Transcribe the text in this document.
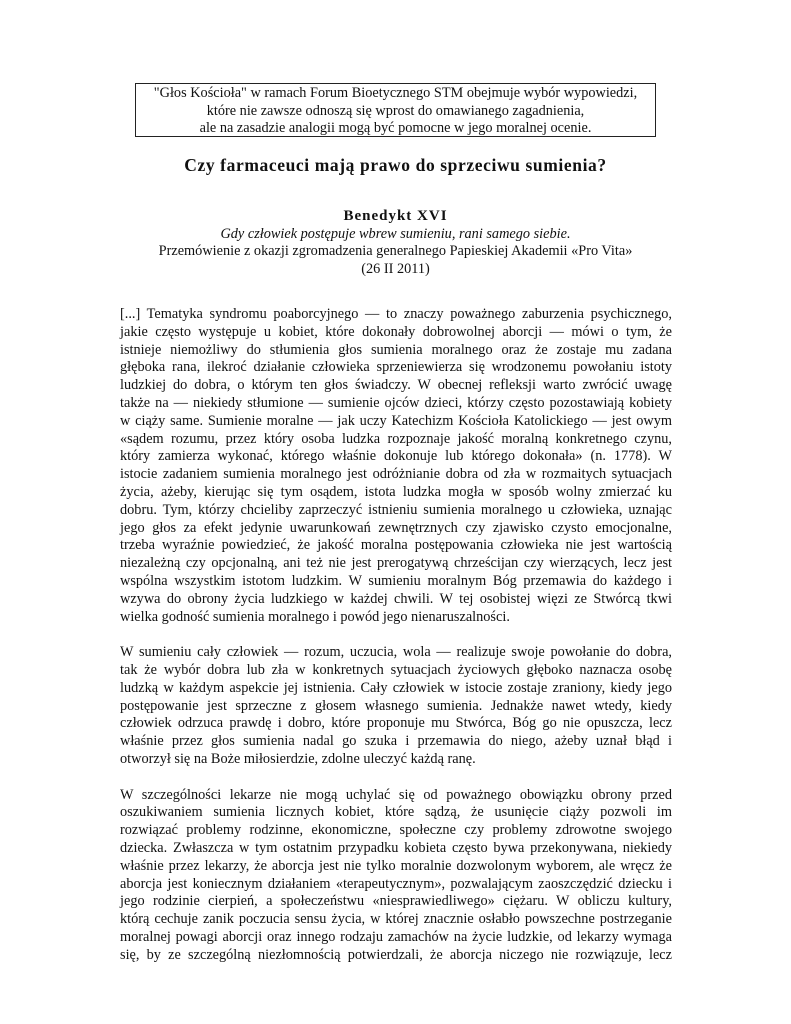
"Głos Kościoła" w ramach Forum Bioetycznego STM obejmuje wybór wypowiedzi,
które nie zawsze odnoszą się wprost do omawianego zagadnienia,
ale na zasadzie analogii mogą być pomocne w jego moralnej ocenie.
Czy farmaceuci mają prawo do sprzeciwu sumienia?
Benedykt XVI
Gdy człowiek postępuje wbrew sumieniu, rani samego siebie.
Przemówienie z okazji zgromadzenia generalnego Papieskiej Akademii «Pro Vita»
(26 II 2011)
[...] Tematyka syndromu poaborcyjnego — to znaczy poważnego zaburzenia psychicznego,
jakie często występuje u kobiet, które dokonały dobrowolnej aborcji — mówi o tym, że
istnieje niemożliwy do stłumienia głos sumienia moralnego oraz że zostaje mu zadana
głęboka rana, ilekroć działanie człowieka sprzeniewierza się wrodzonemu powołaniu istoty
ludzkiej do dobra, o którym ten głos świadczy. W obecnej refleksji warto zwrócić uwagę
także na — niekiedy stłumione — sumienie ojców dzieci, którzy często pozostawiają kobiety
w ciąży same. Sumienie moralne — jak uczy Katechizm Kościoła Katolickiego — jest owym
«sądem rozumu, przez który osoba ludzka rozpoznaje jakość moralną konkretnego czynu,
który zamierza wykonać, którego właśnie dokonuje lub którego dokonała» (n. 1778). W
istocie zadaniem sumienia moralnego jest odróżnianie dobra od zła w rozmaitych sytuacjach
życia, ażeby, kierując się tym osądem, istota ludzka mogła w sposób wolny zmierzać ku
dobru. Tym, którzy chcieliby zaprzeczyć istnieniu sumienia moralnego u człowieka, uznając
jego głos za efekt jedynie uwarunkowań zewnętrznych czy zjawisko czysto emocjonalne,
trzeba wyraźnie powiedzieć, że jakość moralna postępowania człowieka nie jest wartością
niezależną czy opcjonalną, ani też nie jest prerogatywą chrześcijan czy wierzących, lecz jest
wspólna wszystkim istotom ludzkim. W sumieniu moralnym Bóg przemawia do każdego i
wzywa do obrony życia ludzkiego w każdej chwili. W tej osobistej więzi ze Stwórcą tkwi
wielka godność sumienia moralnego i powód jego nienaruszalności.
W sumieniu cały człowiek — rozum, uczucia, wola — realizuje swoje powołanie do dobra,
tak że wybór dobra lub zła w konkretnych sytuacjach życiowych głęboko naznacza osobę
ludzką w każdym aspekcie jej istnienia. Cały człowiek w istocie zostaje zraniony, kiedy jego
postępowanie jest sprzeczne z głosem własnego sumienia. Jednakże nawet wtedy, kiedy
człowiek odrzuca prawdę i dobro, które proponuje mu Stwórca, Bóg go nie opuszcza, lecz
właśnie przez głos sumienia nadal go szuka i przemawia do niego, ażeby uznał błąd i
otworzył się na Boże miłosierdzie, zdolne uleczyć każdą ranę.
W szczególności lekarze nie mogą uchylać się od poważnego obowiązku obrony przed
oszukiwaniem sumienia licznych kobiet, które sądzą, że usunięcie ciąży pozwoli im
rozwiązać problemy rodzinne, ekonomiczne, społeczne czy problemy zdrowotne swojego
dziecka. Zwłaszcza w tym ostatnim przypadku kobieta często bywa przekonywana, niekiedy
właśnie przez lekarzy, że aborcja jest nie tylko moralnie dozwolonym wyborem, ale wręcz że
aborcja jest koniecznym działaniem «terapeutycznym», pozwalającym zaoszczędzić dziecku i
jego rodzinie cierpień, a społeczeństwu «niesprawiedliwego» ciężaru. W obliczu kultury,
którą cechuje zanik poczucia sensu życia, w której znacznie osłabło powszechne postrzeganie
moralnej powagi aborcji oraz innego rodzaju zamachów na życie ludzkie, od lekarzy wymaga
się, by ze szczególną niezłomnością potwierdzali, że aborcja niczego nie rozwiązuje, lecz
